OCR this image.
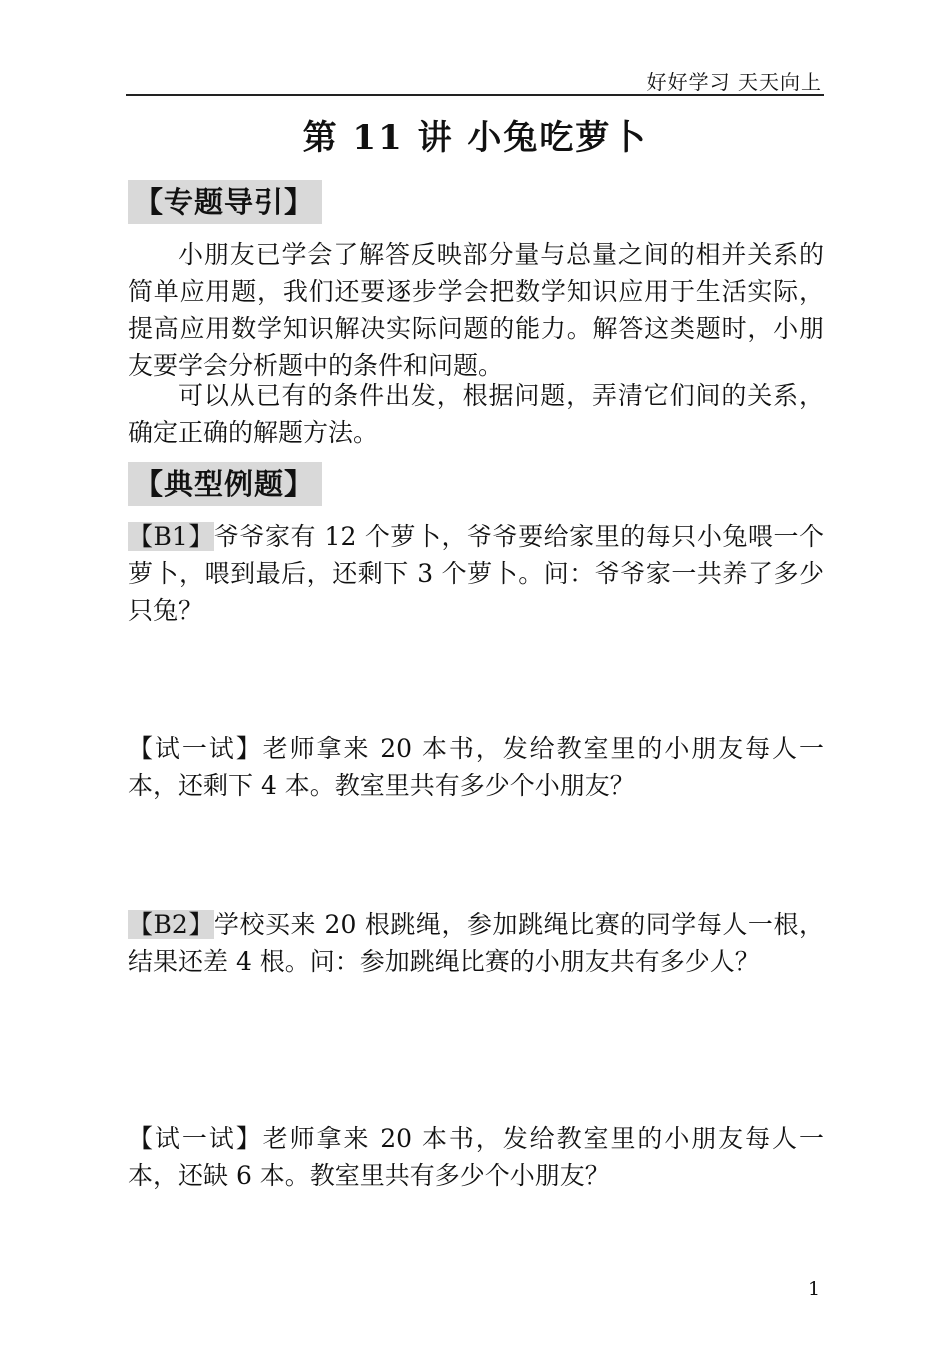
好好学习 天天向上
第 11 讲 小兔吃萝卜
【专题导引】

小朋友已学会了解答反映部分量与总量之间的相并关系的简单应用题，我们还要逐步学会把数学知识应用于生活实际，提高应用数学知识解决实际问题的能力。解答这类题时，小朋友要学会分析题中的条件和问题。

可以从已有的条件出发，根据问题，弄清它们间的关系，确定正确的解题方法。

【典型例题】

【B1】爷爷家有 12 个萝卜，爷爷要给家里的每只小兔喂一个萝卜，喂到最后，还剩下 3 个萝卜。问：爷爷家一共养了多少只兔？

【试一试】老师拿来 20 本书，发给教室里的小朋友每人一本，还剩下 4 本。教室里共有多少个小朋友？

【B2】学校买来 20 根跳绳，参加跳绳比赛的同学每人一根，结果还差 4 根。问：参加跳绳比赛的小朋友共有多少人？

【试一试】老师拿来 20 本书，发给教室里的小朋友每人一本，还缺 6 本。教室里共有多少个小朋友？

1
